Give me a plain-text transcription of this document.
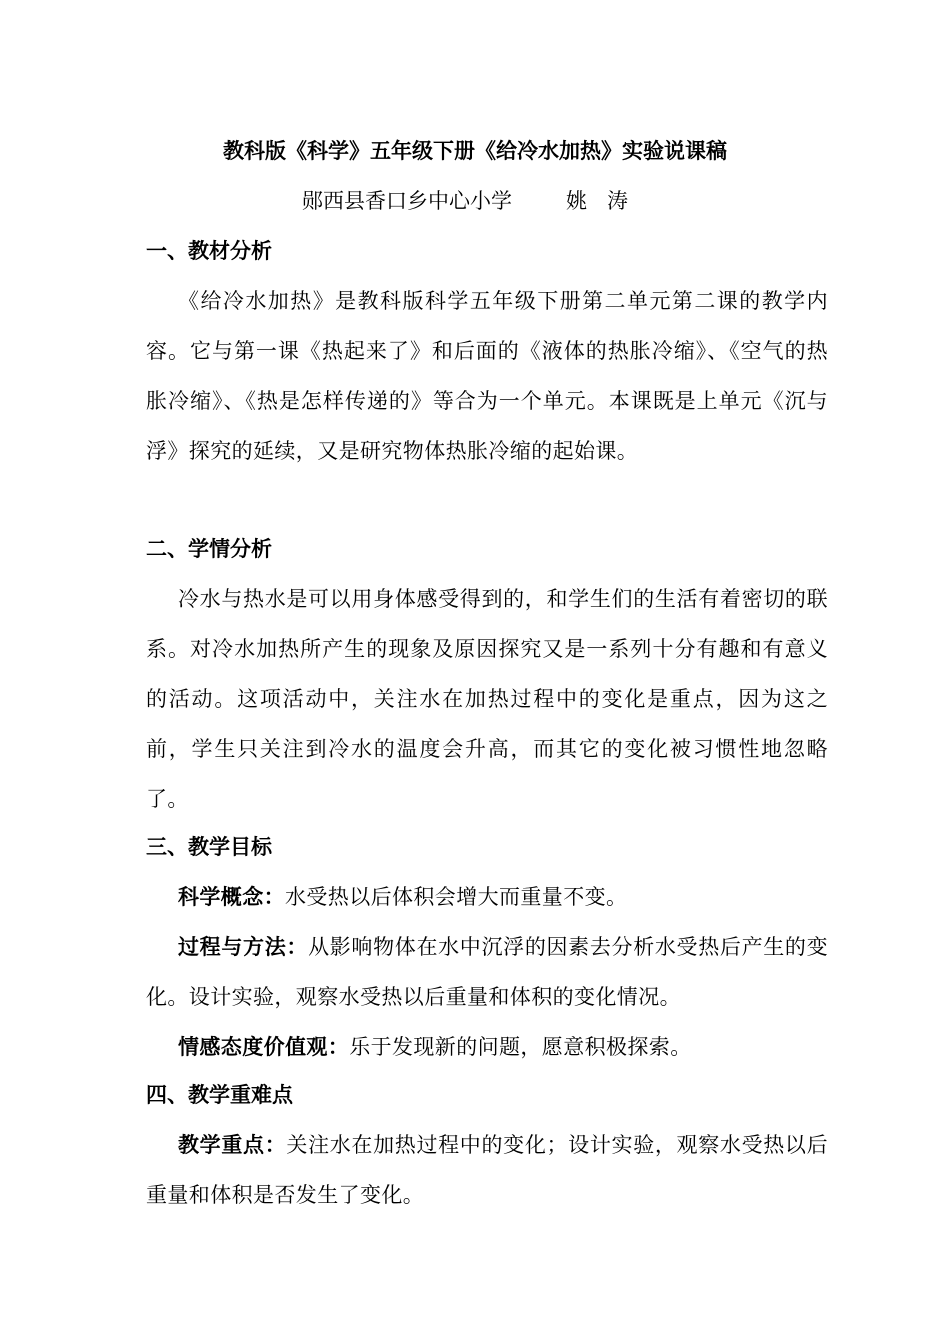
教科版《科学》五年级下册《给冷水加热》实验说课稿
郧西县香口乡中心小学	姚涛
一、教材分析
《给冷水加热》是教科版科学五年级下册第二单元第二课的教学内容。它与第一课《热起来了》和后面的《液体的热胀冷缩》、《空气的热胀冷缩》、《热是怎样传递的》等合为一个单元。本课既是上单元《沉与浮》探究的延续，又是研究物体热胀冷缩的起始课。
二、学情分析
冷水与热水是可以用身体感受得到的，和学生们的生活有着密切的联系。对冷水加热所产生的现象及原因探究又是一系列十分有趣和有意义的活动。这项活动中，关注水在加热过程中的变化是重点，因为这之前，学生只关注到冷水的温度会升高，而其它的变化被习惯性地忽略了。
三、教学目标
科学概念：水受热以后体积会增大而重量不变。
过程与方法：从影响物体在水中沉浮的因素去分析水受热后产生的变化。设计实验，观察水受热以后重量和体积的变化情况。
情感态度价值观：乐于发现新的问题，愿意积极探索。
四、教学重难点
教学重点：关注水在加热过程中的变化；设计实验，观察水受热以后重量和体积是否发生了变化。
